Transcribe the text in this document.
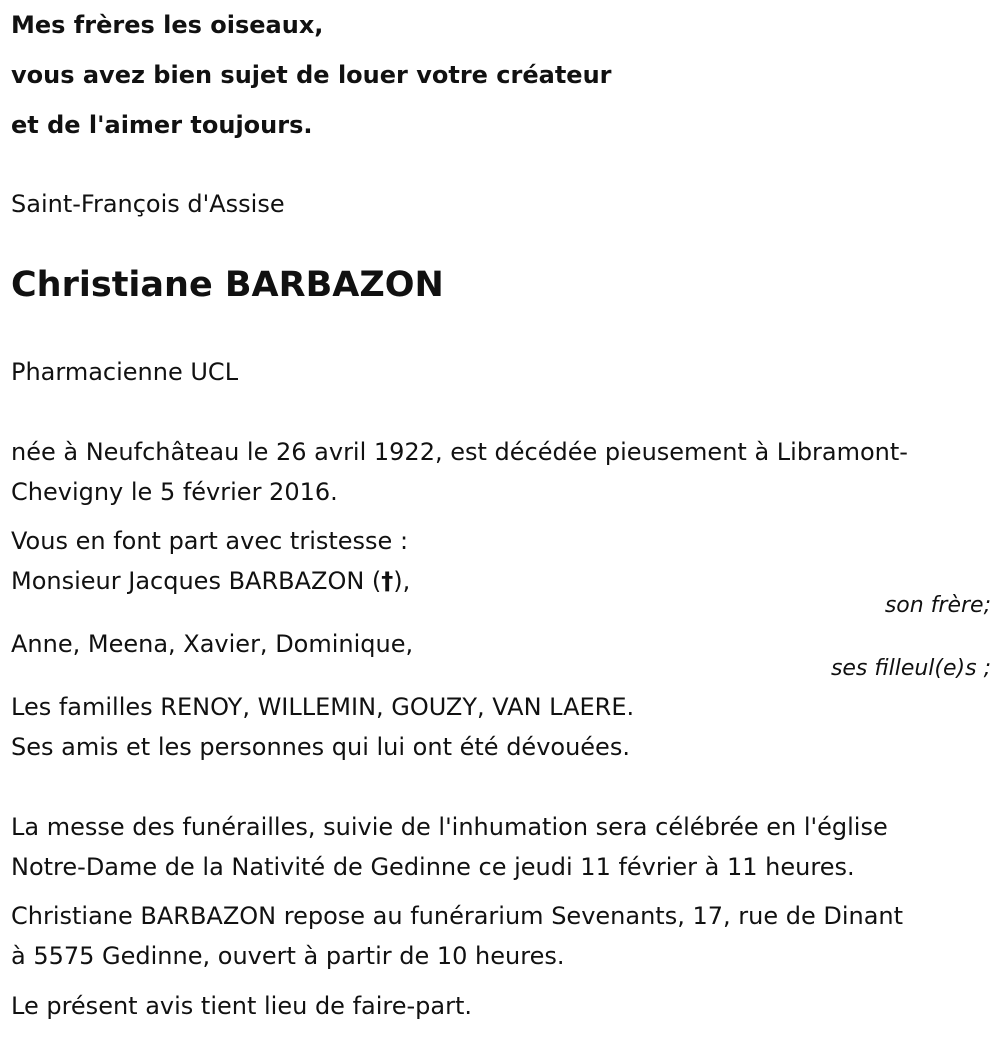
Mes frères les oiseaux,
vous avez bien sujet de louer votre créateur
et de l'aimer toujours.
Saint-François d'Assise
Christiane BARBAZON
Pharmacienne UCL
née à Neufchâteau le 26 avril 1922, est décédée pieusement à Libramont-
Chevigny le 5 février 2016.
Vous en font part avec tristesse :
Monsieur Jacques BARBAZON (†),
son frère;
Anne, Meena, Xavier, Dominique,
ses filleul(e)s ;
Les familles RENOY, WILLEMIN, GOUZY, VAN LAERE.
Ses amis et les personnes qui lui ont été dévouées.
La messe des funérailles, suivie de l'inhumation sera célébrée en l'église
Notre-Dame de la Nativité de Gedinne ce jeudi 11 février à 11 heures.
Christiane BARBAZON repose au funérarium Sevenants, 17, rue de Dinant
à 5575 Gedinne, ouvert à partir de 10 heures.
Le présent avis tient lieu de faire-part.
